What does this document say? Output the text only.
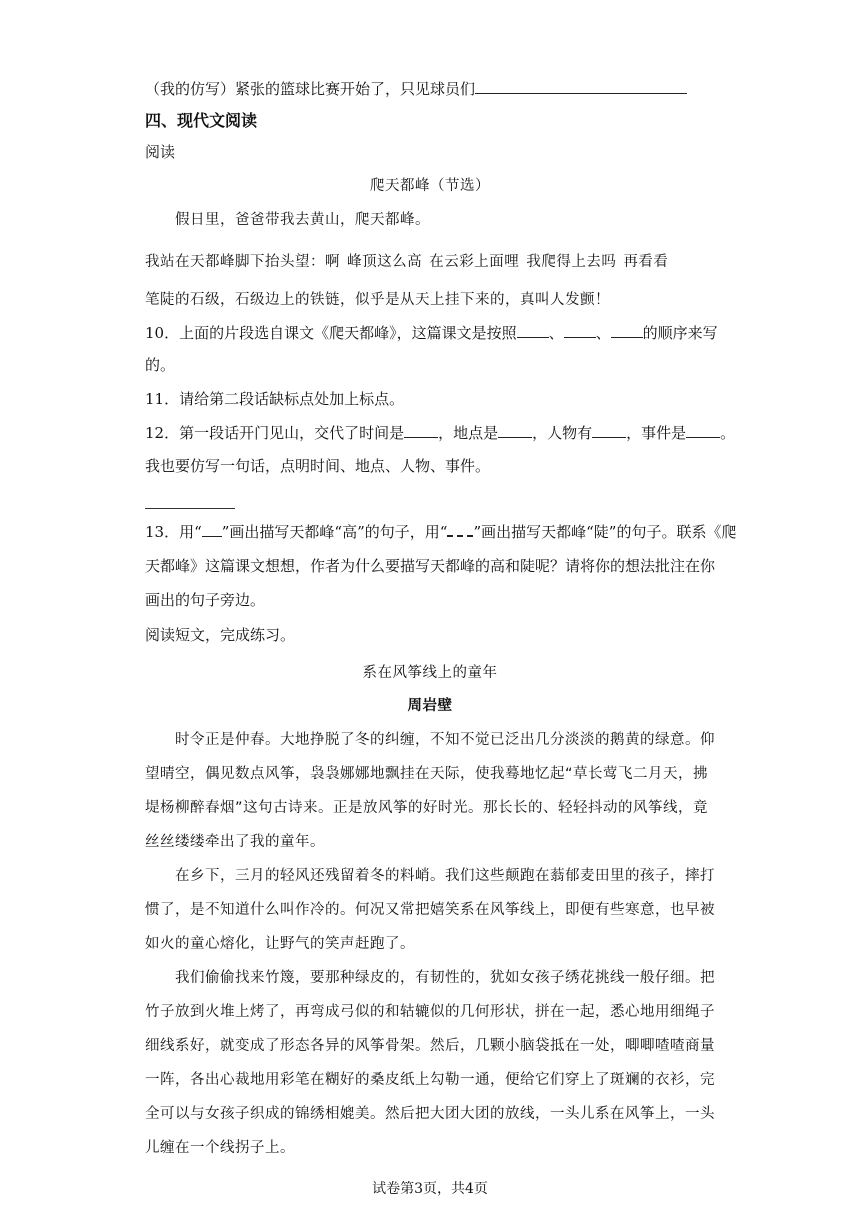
（我的仿写）紧张的篮球比赛开始了，只见球员们
四、现代文阅读
阅读
爬天都峰（节选）
假日里，爸爸带我去黄山，爬天都峰。
我站在天都峰脚下抬头望：啊 峰顶这么高 在云彩上面哩 我爬得上去吗 再看看
笔陡的石级，石级边上的铁链，似乎是从天上挂下来的，真叫人发颤！
10．上面的片段选自课文《爬天都峰》，这篇课文是按照 、 、 的顺序来写
的。
11．请给第二段话缺标点处加上标点。
12．第一段话开门见山，交代了时间是 ，地点是 ，人物有 ，事件是 。
我也要仿写一句话，点明时间、地点、人物、事件。
13．用“ ”画出描写天都峰“高”的句子，用“ ”画出描写天都峰“陡”的句子。联系《爬
天都峰》这篇课文想想，作者为什么要描写天都峰的高和陡呢？请将你的想法批注在你
画出的句子旁边。
阅读短文，完成练习。
系在风筝线上的童年
周岩壁
时令正是仲春。大地挣脱了冬的纠缠，不知不觉已泛出几分淡淡的鹅黄的绿意。仰
望晴空，偶见数点风筝，袅袅娜娜地飘挂在天际，使我蓦地忆起“草长莺飞二月天，拂
堤杨柳醉春烟”这句古诗来。正是放风筝的好时光。那长长的、轻轻抖动的风筝线，竟
丝丝缕缕牵出了我的童年。
在乡下，三月的轻风还残留着冬的料峭。我们这些颠跑在蓊郁麦田里的孩子，摔打
惯了，是不知道什么叫作冷的。何况又常把嬉笑系在风筝线上，即便有些寒意，也早被
如火的童心熔化，让野气的笑声赶跑了。
我们偷偷找来竹篾，要那种绿皮的，有韧性的，犹如女孩子绣花挑线一般仔细。把
竹子放到火堆上烤了，再弯成弓似的和轱辘似的几何形状，拼在一起，悉心地用细绳子
细线系好，就变成了形态各异的风筝骨架。然后，几颗小脑袋抵在一处，唧唧喳喳商量
一阵，各出心裁地用彩笔在糊好的桑皮纸上勾勒一通，便给它们穿上了斑斓的衣衫，完
全可以与女孩子织成的锦绣相媲美。然后把大团大团的放线，一头儿系在风筝上，一头
儿缠在一个线拐子上。
试卷第3页，共4页
